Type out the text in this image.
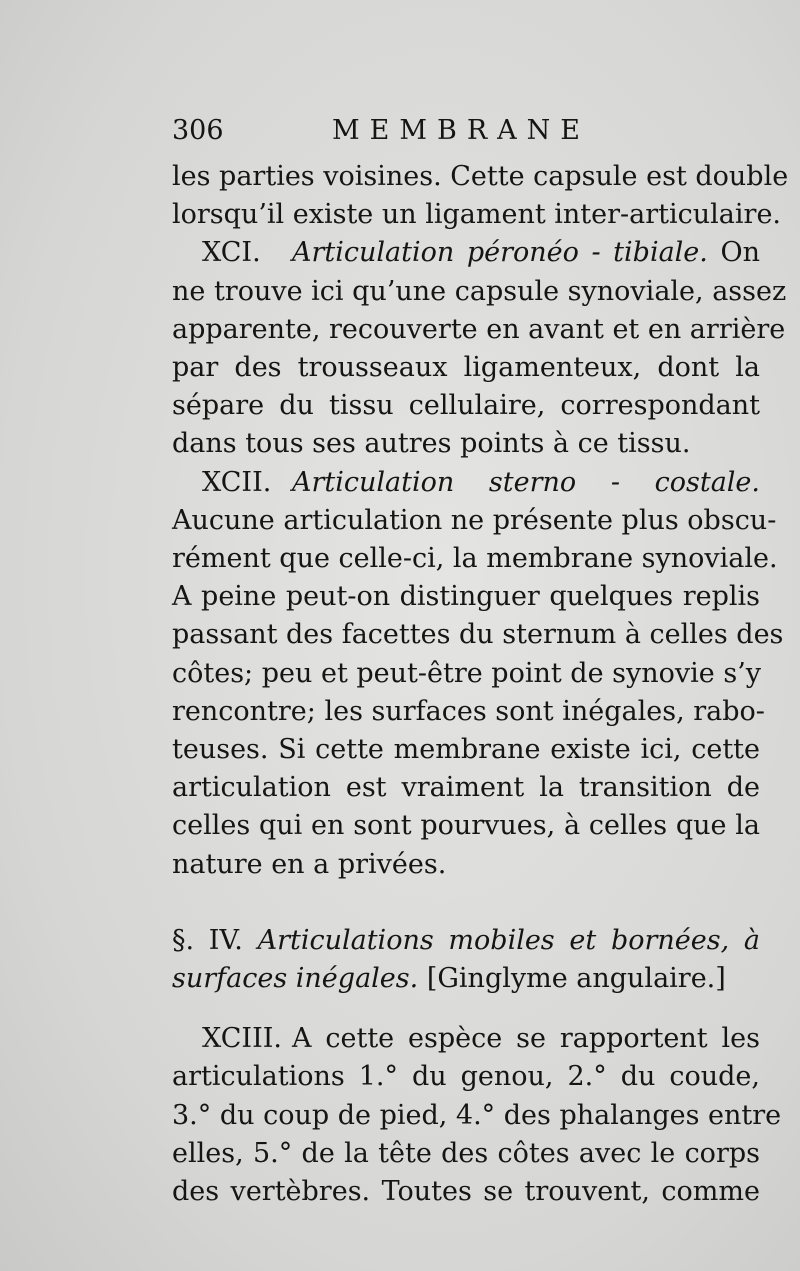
306	MEMBRANE
les parties voisines. Cette capsule est double
lorsqu’il existe un ligament inter-articulaire.
XCI. Articulation péronéo - tibiale. On
ne trouve ici qu’une capsule synoviale, assez
apparente, recouverte en avant et en arrière
par des trousseaux ligamenteux, dont la
sépare du tissu cellulaire, correspondant
dans tous ses autres points à ce tissu.
XCII. Articulation sterno - costale.
Aucune articulation ne présente plus obscu-
rément que celle-ci, la membrane synoviale.
A peine peut-on distinguer quelques replis
passant des facettes du sternum à celles des
côtes; peu et peut-être point de synovie s’y
rencontre; les surfaces sont inégales, rabo-
teuses. Si cette membrane existe ici, cette
articulation est vraiment la transition de
celles qui en sont pourvues, à celles que la
nature en a privées.
§. IV. Articulations mobiles et bornées, à
surfaces inégales. [Ginglyme angulaire.]
XCIII. A cette espèce se rapportent les
articulations 1.° du genou, 2.° du coude,
3.° du coup de pied, 4.° des phalanges entre
elles, 5.° de la tête des côtes avec le corps
des vertèbres. Toutes se trouvent, comme
